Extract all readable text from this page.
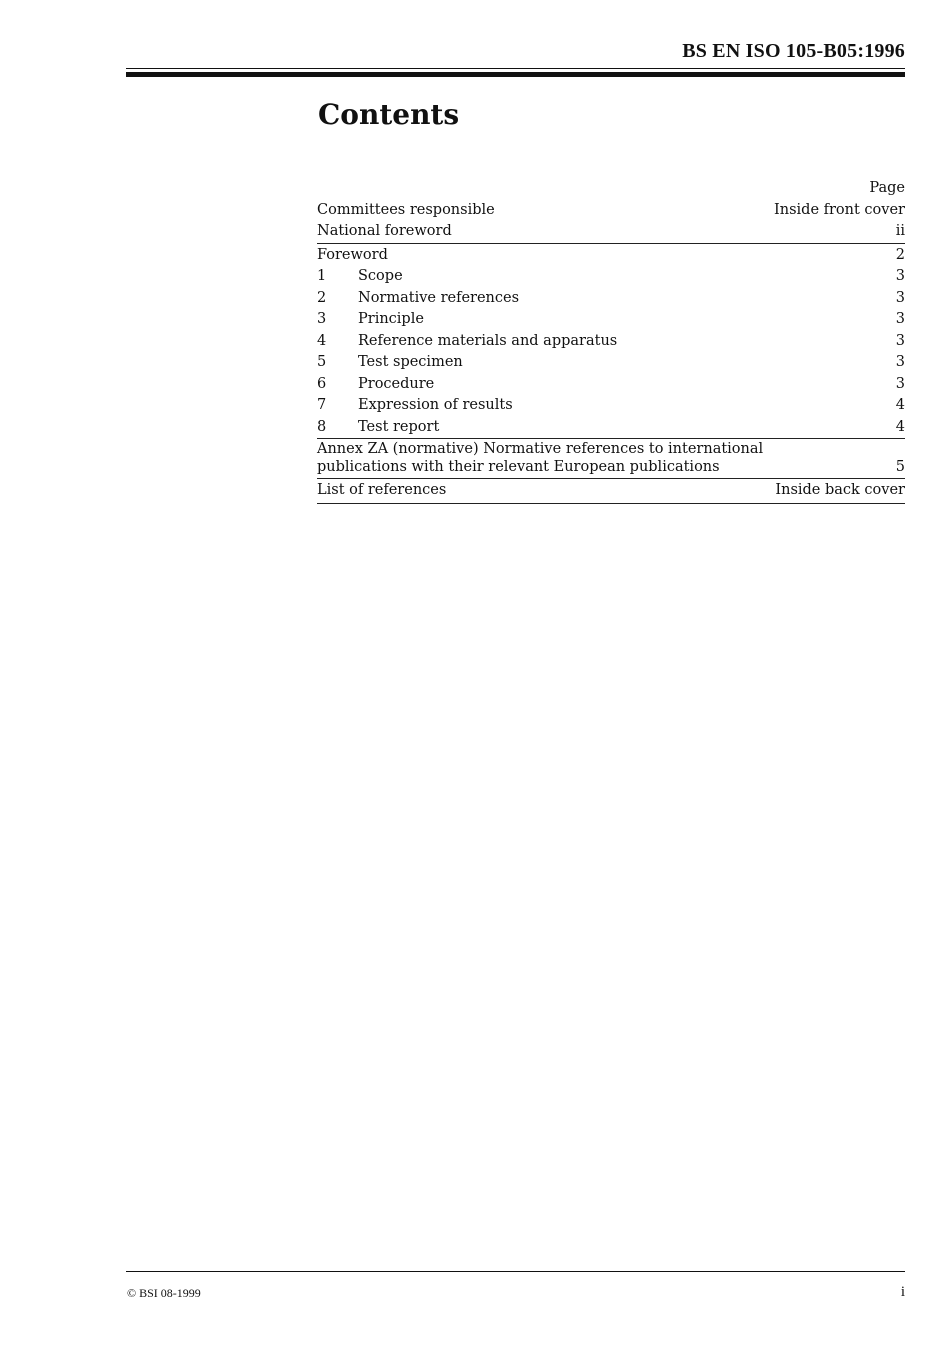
BS EN ISO 105-B05:1996
Contents
Page
Committees responsible	Inside front cover
National foreword	ii
Foreword	2
1	Scope	3
2	Normative references	3
3	Principle	3
4	Reference materials and apparatus	3
5	Test specimen	3
6	Procedure	3
7	Expression of results	4
8	Test report	4
Annex ZA (normative) Normative references to international
publications with their relevant European publications	5
List of references	Inside back cover
© BSI 08-1999	i
